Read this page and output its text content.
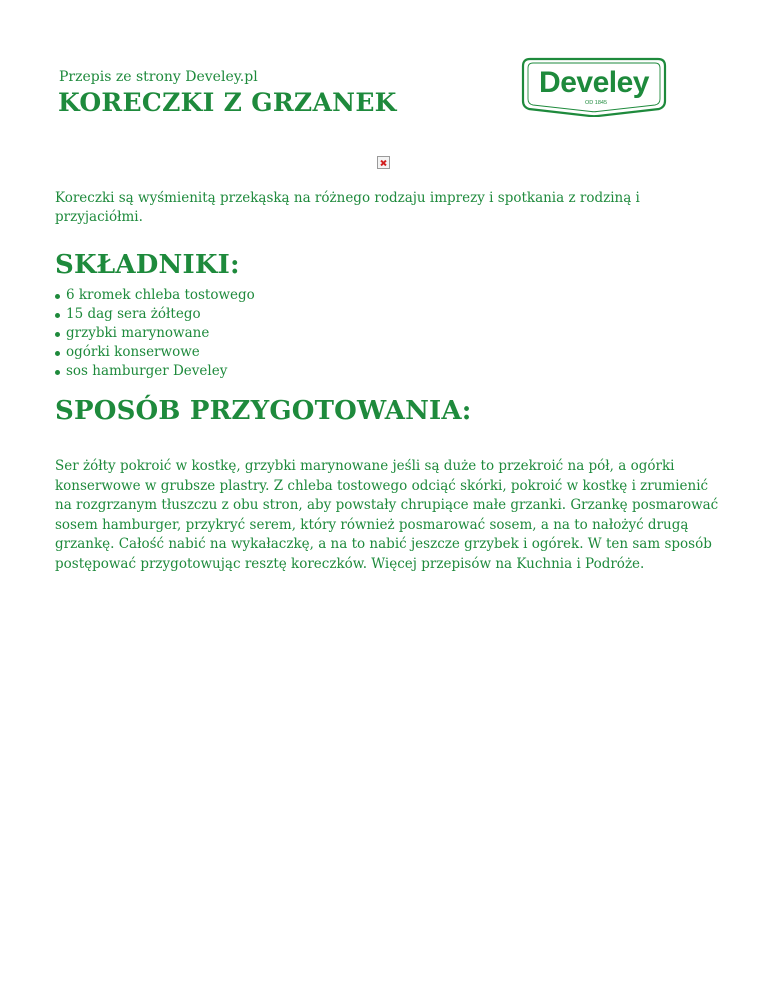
Przepis ze strony Develey.pl
KORECZKI Z GRZANEK
Develey
OD 1845

Koreczki są wyśmienitą przekąską na różnego rodzaju imprezy i spotkania z rodziną i przyjaciółmi.

SKŁADNIKI:
6 kromek chleba tostowego
15 dag sera żółtego
grzybki marynowane
ogórki konserwowe
sos hamburger Develey
SPOSÓB PRZYGOTOWANIA:

Ser żółty pokroić w kostkę, grzybki marynowane jeśli są duże to przekroić na pół, a ogórki konserwowe w grubsze plastry. Z chleba tostowego odciąć skórki, pokroić w kostkę i zrumienić na rozgrzanym tłuszczu z obu stron, aby powstały chrupiące małe grzanki. Grzankę posmarować sosem hamburger, przykryć serem, który również posmarować sosem, a na to nałożyć drugą grzankę. Całość nabić na wykałaczkę, a na to nabić jeszcze grzybek i ogórek. W ten sam sposób postępować przygotowując resztę koreczków. Więcej przepisów na Kuchnia i Podróże.
